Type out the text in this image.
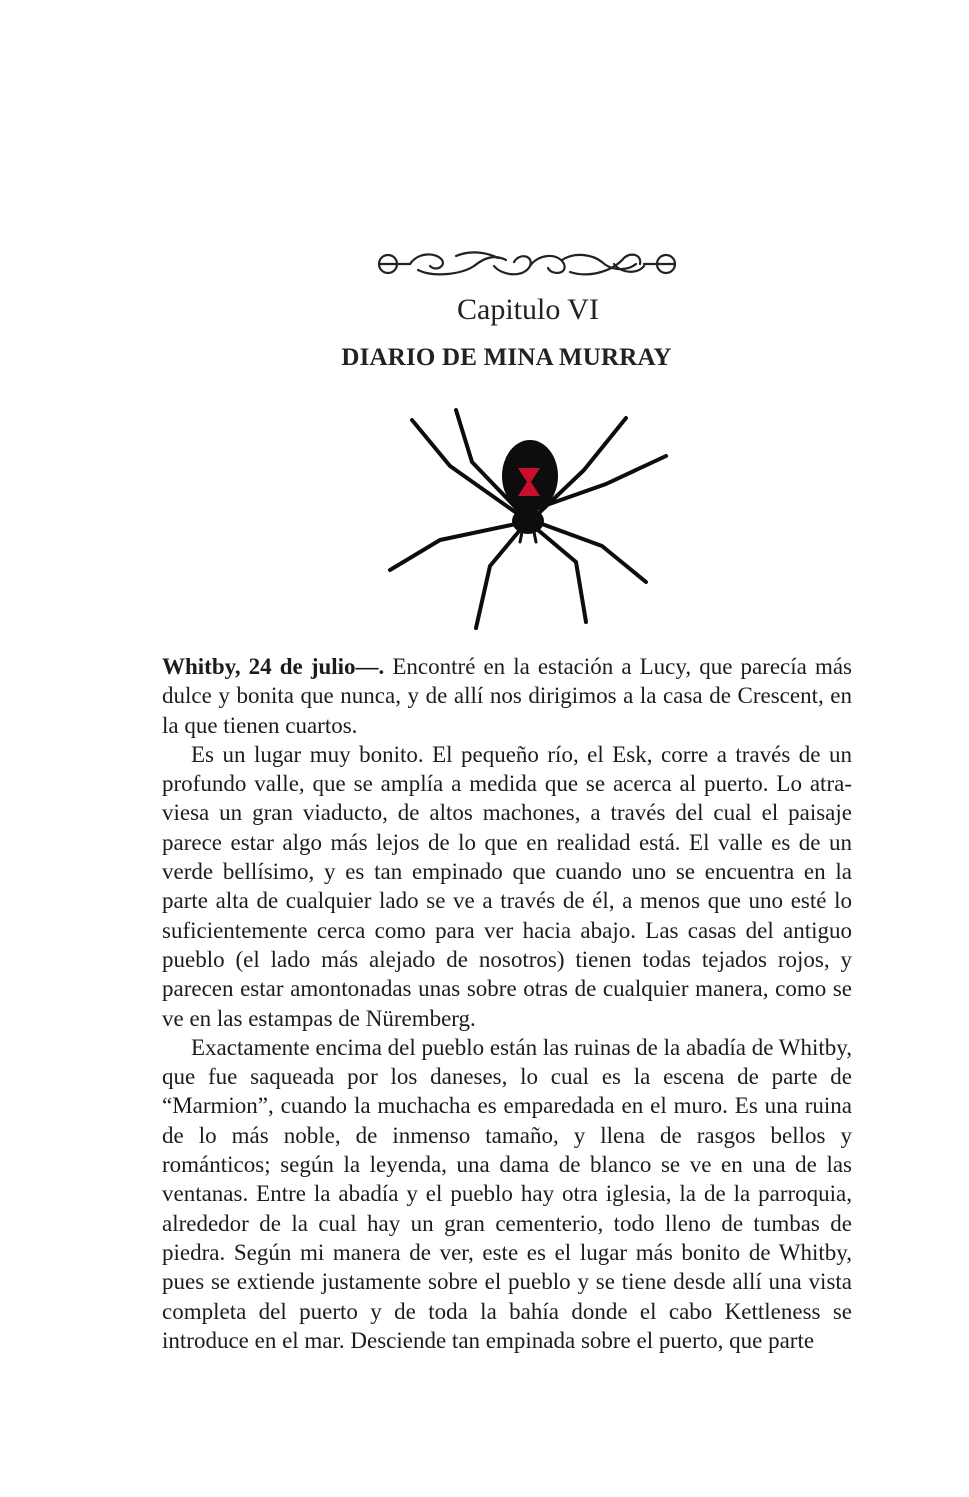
Capitulo VI
DIARIO DE MINA MURRAY

Whitby, 24 de julio—. Encontré en la estación a Lucy, que parecía más dulce y bonita que nunca, y de allí nos dirigimos a la casa de Crescent, en la que tienen cuartos.

Es un lugar muy bonito. El pequeño río, el Esk, corre a través de un profundo valle, que se amplía a medida que se acerca al puerto. Lo atraviesa un gran viaducto, de altos machones, a través del cual el paisaje parece estar algo más lejos de lo que en realidad está. El valle es de un verde bellísimo, y es tan empinado que cuando uno se encuentra en la parte alta de cualquier lado se ve a través de él, a menos que uno esté lo suficientemente cerca como para ver hacia abajo. Las casas del antiguo pueblo (el lado más alejado de nosotros) tienen todas tejados rojos, y parecen estar amontonadas unas sobre otras de cualquier manera, como se ve en las estampas de Nüremberg.

Exactamente encima del pueblo están las ruinas de la abadía de Whitby, que fue saqueada por los daneses, lo cual es la escena de parte de “Marmion”, cuando la muchacha es emparedada en el muro. Es una ruina de lo más noble, de inmenso tamaño, y llena de rasgos bellos y románticos; según la leyenda, una dama de blanco se ve en una de las ventanas. Entre la abadía y el pueblo hay otra iglesia, la de la parroquia, alrededor de la cual hay un gran cementerio, todo lleno de tumbas de piedra. Según mi manera de ver, este es el lugar más bonito de Whitby, pues se extiende justamente sobre el pueblo y se tiene desde allí una vista completa del puerto y de toda la bahía donde el cabo Kettleness se introduce en el mar. Desciende tan empinada sobre el puerto, que parte
